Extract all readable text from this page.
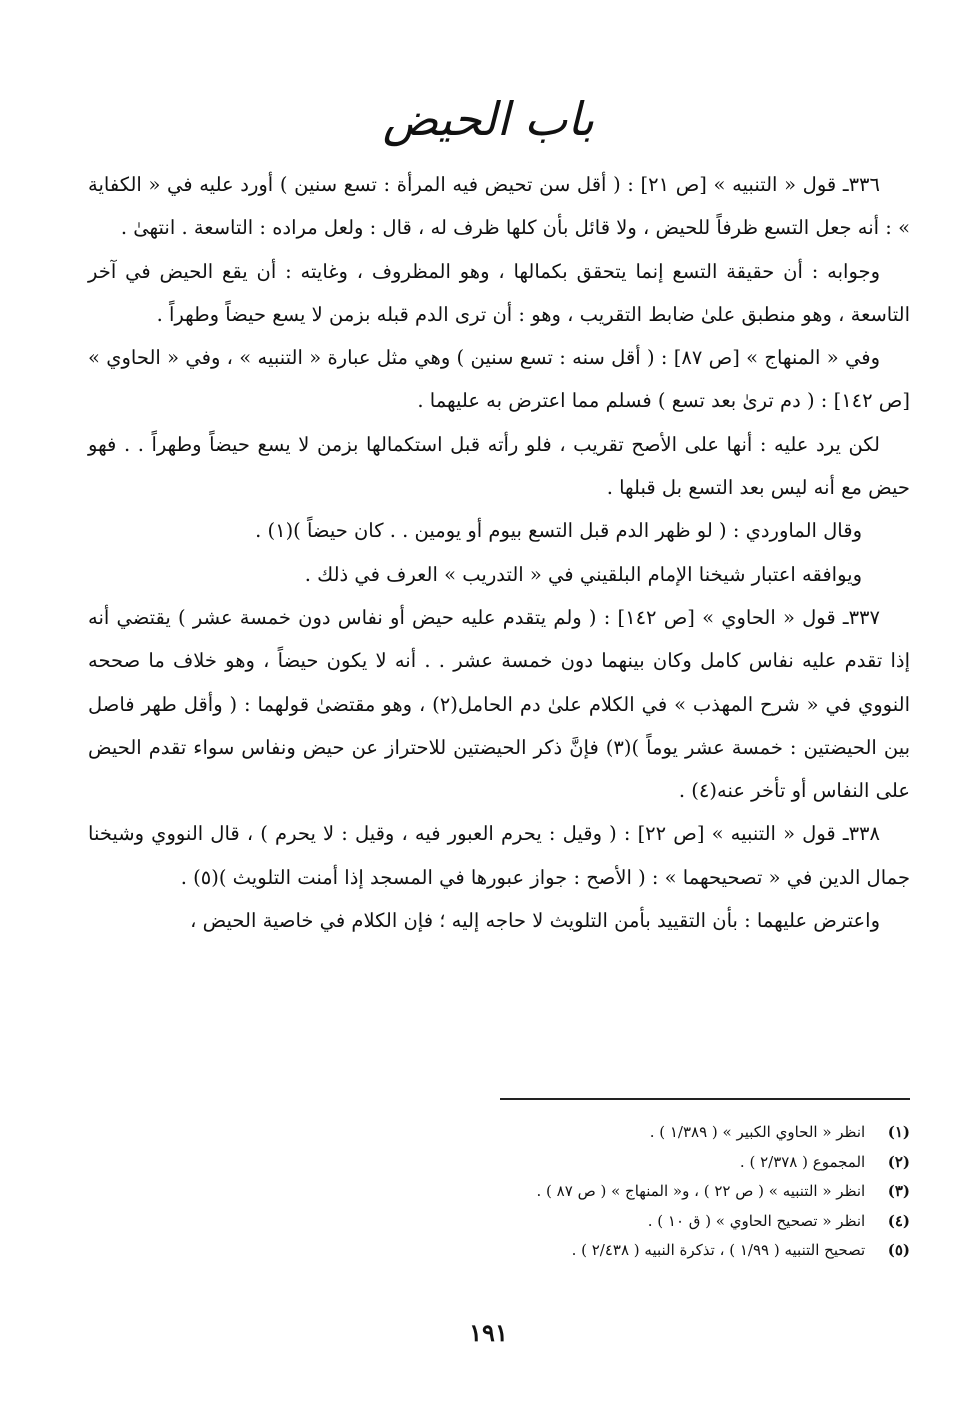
باب الحيض

٣٣٦ـ قول « التنبيه » [ص ٢١] : ( أقل سن تحيض فيه المرأة : تسع سنين ) أورد عليه في « الكفاية » : أنه جعل التسع ظرفاً للحيض ، ولا قائل بأن كلها ظرف له ، قال : ولعل مراده : التاسعة . انتهىٰ .

وجوابه : أن حقيقة التسع إنما يتحقق بكمالها ، وهو المظروف ، وغايته : أن يقع الحيض في آخر التاسعة ، وهو منطبق علىٰ ضابط التقريب ، وهو : أن ترى الدم قبله بزمن لا يسع حيضاً وطهراً .

وفي « المنهاج » [ص ٨٧] : ( أقل سنه : تسع سنين ) وهي مثل عبارة « التنبيه » ، وفي « الحاوي » [ص ١٤٢] : ( دم ترىٰ بعد تسع ) فسلم مما اعترض به عليهما .

لكن يرد عليه : أنها على الأصح تقريب ، فلو رأته قبل استكمالها بزمن لا يسع حيضاً وطهراً . . فهو حيض مع أنه ليس بعد التسع بل قبلها .

وقال الماوردي : ( لو ظهر الدم قبل التسع بيوم أو يومين . . كان حيضاً )(١) .

ويوافقه اعتبار شيخنا الإمام البلقيني في « التدريب » العرف في ذلك .

٣٣٧ـ قول « الحاوي » [ص ١٤٢] : ( ولم يتقدم عليه حيض أو نفاس دون خمسة عشر ) يقتضي أنه إذا تقدم عليه نفاس كامل وكان بينهما دون خمسة عشر . . أنه لا يكون حيضاً ، وهو خلاف ما صححه النووي في « شرح المهذب » في الكلام علىٰ دم الحامل(٢) ، وهو مقتضىٰ قولهما : ( وأقل طهر فاصل بين الحيضتين : خمسة عشر يوماً )(٣) فإنَّ ذكر الحيضتين للاحتراز عن حيض ونفاس سواء تقدم الحيض على النفاس أو تأخر عنه(٤) .

٣٣٨ـ قول « التنبيه » [ص ٢٢] : ( وقيل : يحرم العبور فيه ، وقيل : لا يحرم ) ، قال النووي وشيخنا جمال الدين في « تصحيحهما » : ( الأصح : جواز عبورها في المسجد إذا أمنت التلويث )(٥) .

واعترض عليهما : بأن التقييد بأمن التلويث لا حاجه إليه ؛ فإن الكلام في خاصية الحيض ،

(١) انظر « الحاوي الكبير » ( ١/٣٨٩ ) .
(٢) المجموع ( ٢/٣٧٨ ) .
(٣) انظر « التنبيه » ( ص ٢٢ ) ، و« المنهاج » ( ص ٨٧ ) .
(٤) انظر « تصحيح الحاوي » ( ق ١٠ ) .
(٥) تصحيح التنبيه ( ١/٩٩ ) ، تذكرة النبيه ( ٢/٤٣٨ ) .
١٩١
